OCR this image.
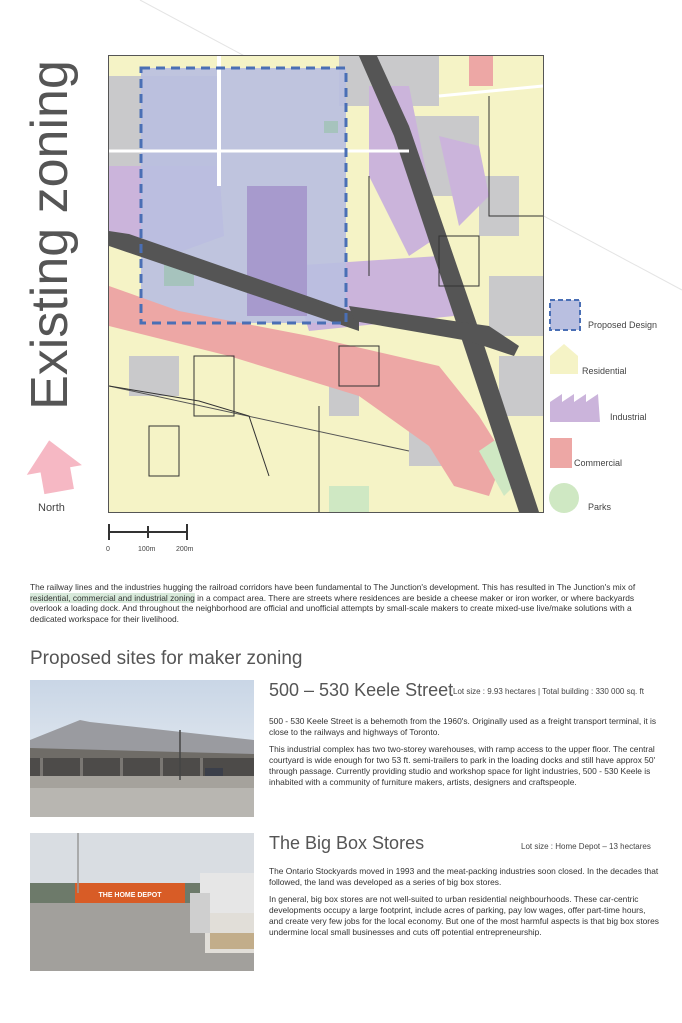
Existing zoning
North
Proposed Design
Residential
Industrial
Commercial
Parks
0	100m	200m
The railway lines and the industries hugging the railroad corridors have been fundamental to The Junction's development. This has resulted in The Junction's mix of residential, commercial and industrial zoning in a compact area. There are streets where residences are beside a cheese maker or iron worker, or where backyards overlook a loading dock. And throughout the neighborhood are official and unofficial attempts by small-scale makers to create mixed-use live/make solutions with a dedicated workspace for their livelihood.
Proposed sites for maker zoning
500 – 530 Keele Street Lot size : 9.93 hectares | Total building : 330 000 sq. ft

500 - 530 Keele Street is a behemoth from the 1960's. Originally used as a freight transport terminal, it is close to the railways and highways of Toronto.

This industrial complex has two two-storey warehouses, with ramp access to the upper floor. The central courtyard is wide enough for two 53 ft. semi-trailers to park in the loading docks and still have approx 50' through passage. Currently providing studio and workshop space for light industries, 500 - 530 Keele is inhabited with a community of furniture makers, artists, designers and craftspeople.

THE HOME DEPOT
The Big Box Stores	Lot size : Home Depot – 13 hectares

The Ontario Stockyards moved in 1993 and the meat-packing industries soon closed. In the decades that followed, the land was developed as a series of big box stores.

In general, big box stores are not well-suited to urban residential neighbourhoods. These car-centric developments occupy a large footprint, include acres of parking, pay low wages, offer part-time hours, and create very few jobs for the local economy. But one of the most harmful aspects is that big box stores undermine local small businesses and cuts off potential entrepreneurship.
